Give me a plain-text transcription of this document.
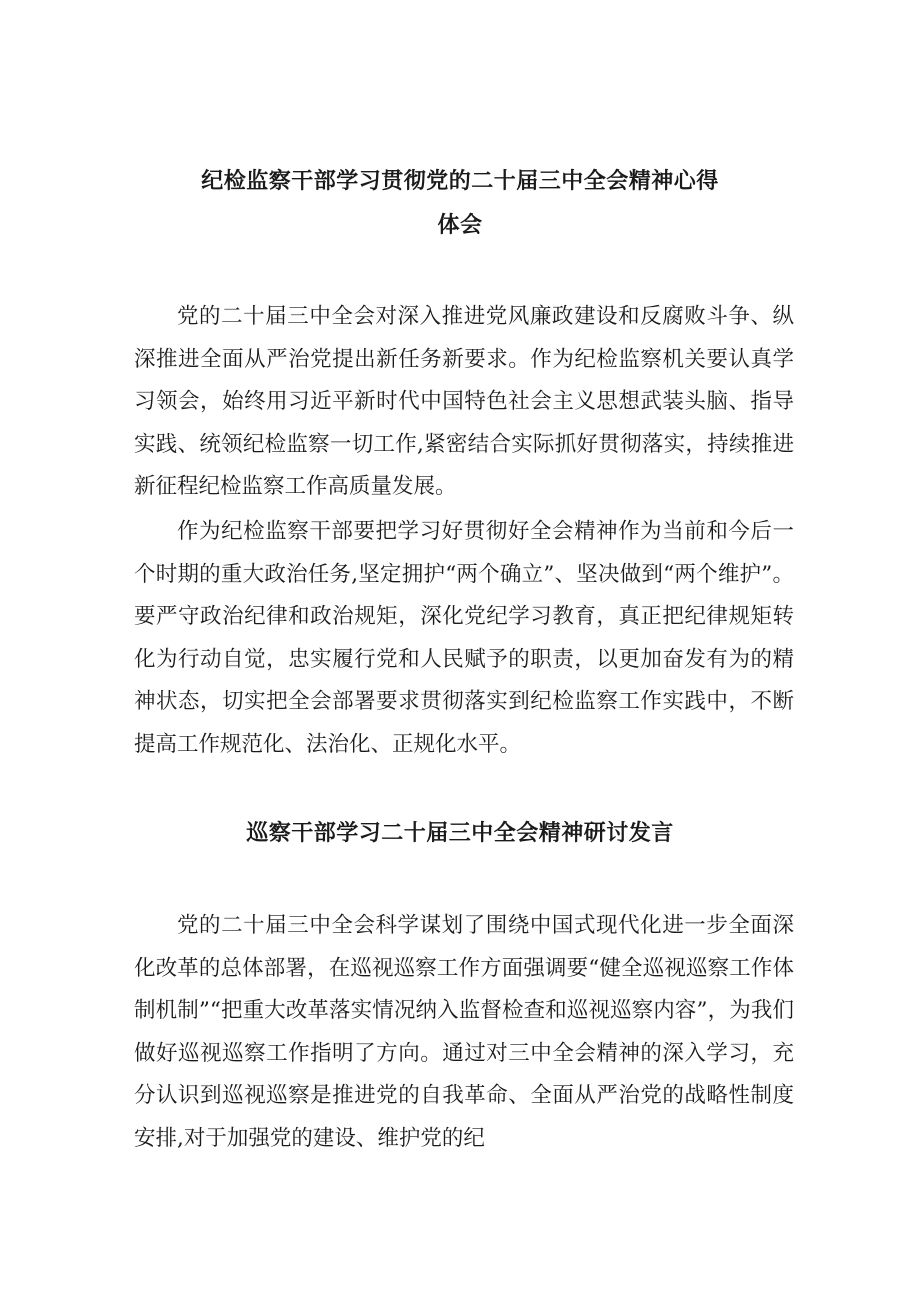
纪检监察干部学习贯彻党的二十届三中全会精神心得
体会

党的二十届三中全会对深入推进党风廉政建设和反腐败斗争、纵深推进全面从严治党提出新任务新要求。作为纪检监察机关要认真学习领会，始终用习近平新时代中国特色社会主义思想武装头脑、指导实践、统领纪检监察一切工作,紧密结合实际抓好贯彻落实，持续推进新征程纪检监察工作高质量发展。

作为纪检监察干部要把学习好贯彻好全会精神作为当前和今后一个时期的重大政治任务,坚定拥护“两个确立”、坚决做到“两个维护”。要严守政治纪律和政治规矩，深化党纪学习教育，真正把纪律规矩转化为行动自觉，忠实履行党和人民赋予的职责，以更加奋发有为的精神状态，切实把全会部署要求贯彻落实到纪检监察工作实践中，不断提高工作规范化、法治化、正规化水平。

巡察干部学习二十届三中全会精神研讨发言

党的二十届三中全会科学谋划了围绕中国式现代化进一步全面深化改革的总体部署，在巡视巡察工作方面强调要“健全巡视巡察工作体制机制”“把重大改革落实情况纳入监督检查和巡视巡察内容”，为我们做好巡视巡察工作指明了方向。通过对三中全会精神的深入学习，充分认识到巡视巡察是推进党的自我革命、全面从严治党的战略性制度安排,对于加强党的建设、维护党的纪
